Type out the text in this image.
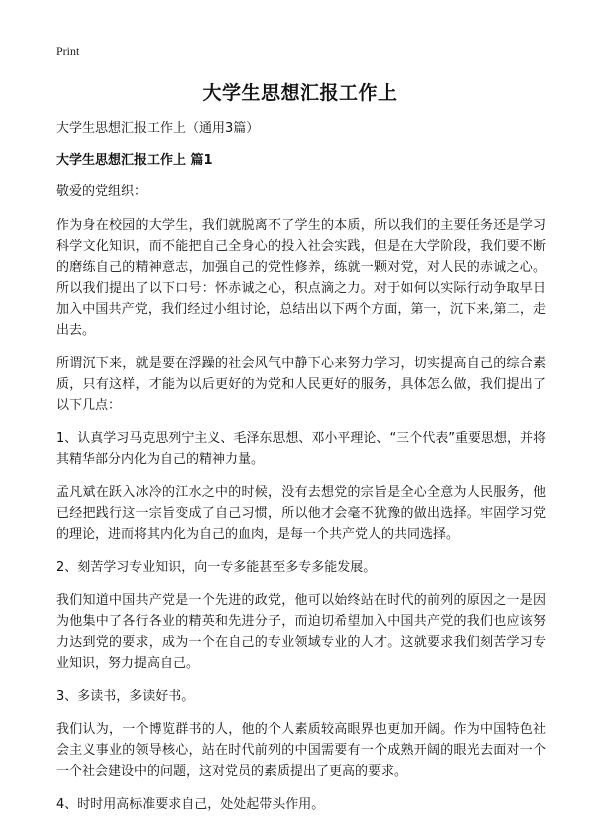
Print
大学生思想汇报工作上

大学生思想汇报工作上（通用3篇）

大学生思想汇报工作上 篇1

敬爱的党组织：

作为身在校园的大学生，我们就脱离不了学生的本质，所以我们的主要任务还是学习科学文化知识，而不能把自己全身心的投入社会实践，但是在大学阶段，我们要不断的磨练自己的精神意志，加强自己的党性修养，练就一颗对党，对人民的赤诚之心。所以我们提出了以下口号：怀赤诚之心，积点滴之力。对于如何以实际行动争取早日加入中国共产党，我们经过小组讨论，总结出以下两个方面，第一，沉下来,第二，走出去。

所谓沉下来，就是要在浮躁的社会风气中静下心来努力学习，切实提高自己的综合素质，只有这样，才能为以后更好的为党和人民更好的服务，具体怎么做，我们提出了以下几点：

1、认真学习马克思列宁主义、毛泽东思想、邓小平理论、“三个代表”重要思想，并将其精华部分内化为自己的精神力量。

孟凡斌在跃入冰冷的江水之中的时候，没有去想党的宗旨是全心全意为人民服务，他已经把践行这一宗旨变成了自己习惯，所以他才会毫不犹豫的做出选择。牢固学习党的理论，进而将其内化为自己的血肉，是每一个共产党人的共同选择。

2、刻苦学习专业知识，向一专多能甚至多专多能发展。

我们知道中国共产党是一个先进的政党，他可以始终站在时代的前列的原因之一是因为他集中了各行各业的精英和先进分子，而迫切希望加入中国共产党的我们也应该努力达到党的要求，成为一个在自己的专业领域专业的人才。这就要求我们刻苦学习专业知识，努力提高自己。

3、多读书，多读好书。

我们认为，一个博览群书的人，他的个人素质较高眼界也更加开阔。作为中国特色社会主义事业的领导核心，站在时代前列的中国需要有一个成熟开阔的眼光去面对一个一个社会建设中的问题，这对党员的素质提出了更高的要求。

4、时时用高标准要求自己，处处起带头作用。
